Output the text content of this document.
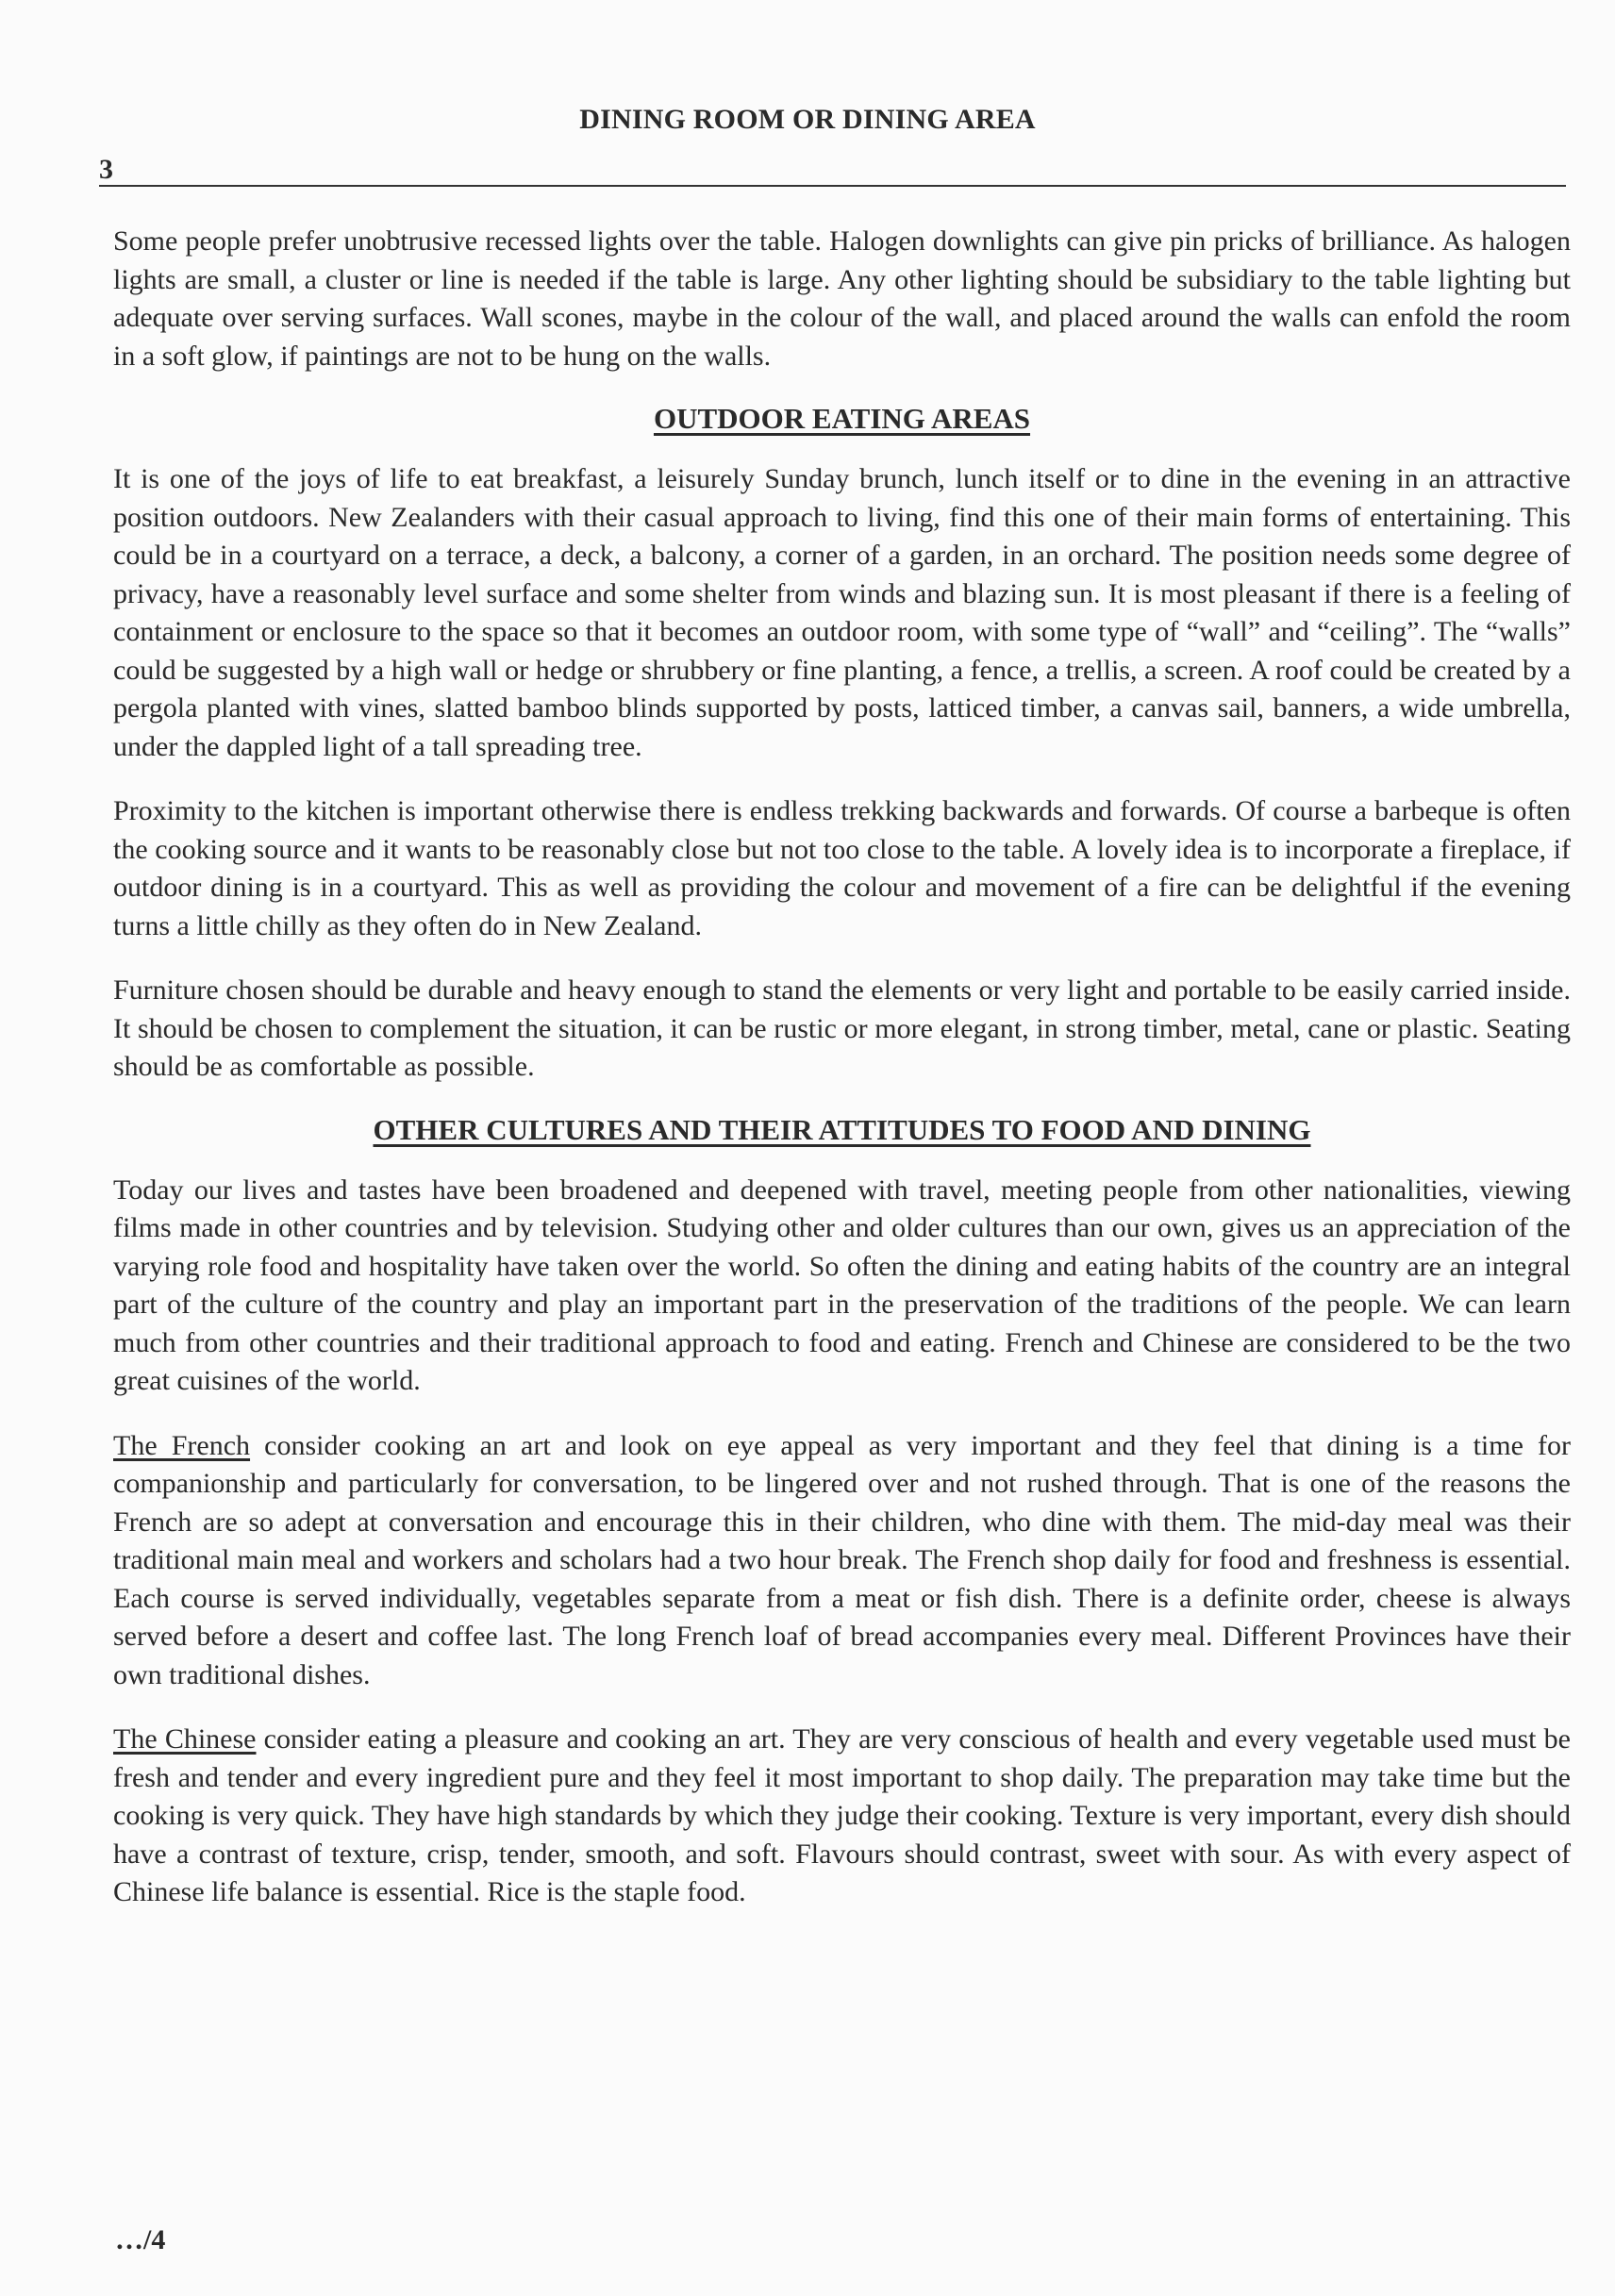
DINING ROOM OR DINING AREA
3

Some people prefer unobtrusive recessed lights over the table. Halogen downlights can give pin pricks of brilliance. As halogen lights are small, a cluster or line is needed if the table is large. Any other lighting should be subsidiary to the table lighting but adequate over serving surfaces. Wall scones, maybe in the colour of the wall, and placed around the walls can enfold the room in a soft glow, if paintings are not to be hung on the walls.

OUTDOOR EATING AREAS

It is one of the joys of life to eat breakfast, a leisurely Sunday brunch, lunch itself or to dine in the evening in an attractive position outdoors. New Zealanders with their casual approach to living, find this one of their main forms of entertaining. This could be in a courtyard on a terrace, a deck, a balcony, a corner of a garden, in an orchard. The position needs some degree of privacy, have a reasonably level surface and some shelter from winds and blazing sun. It is most pleasant if there is a feeling of containment or enclosure to the space so that it becomes an outdoor room, with some type of “wall” and “ceiling”. The “walls” could be suggested by a high wall or hedge or shrubbery or fine planting, a fence, a trellis, a screen. A roof could be created by a pergola planted with vines, slatted bamboo blinds supported by posts, latticed timber, a canvas sail, banners, a wide umbrella, under the dappled light of a tall spreading tree.

Proximity to the kitchen is important otherwise there is endless trekking backwards and forwards. Of course a barbeque is often the cooking source and it wants to be reasonably close but not too close to the table. A lovely idea is to incorporate a fireplace, if outdoor dining is in a courtyard. This as well as providing the colour and movement of a fire can be delightful if the evening turns a little chilly as they often do in New Zealand.

Furniture chosen should be durable and heavy enough to stand the elements or very light and portable to be easily carried inside. It should be chosen to complement the situation, it can be rustic or more elegant, in strong timber, metal, cane or plastic. Seating should be as comfortable as possible.

OTHER CULTURES AND THEIR ATTITUDES TO FOOD AND DINING

Today our lives and tastes have been broadened and deepened with travel, meeting people from other nationalities, viewing films made in other countries and by television. Studying other and older cultures than our own, gives us an appreciation of the varying role food and hospitality have taken over the world. So often the dining and eating habits of the country are an integral part of the culture of the country and play an important part in the preservation of the traditions of the people. We can learn much from other countries and their traditional approach to food and eating. French and Chinese are considered to be the two great cuisines of the world.

The French consider cooking an art and look on eye appeal as very important and they feel that dining is a time for companionship and particularly for conversation, to be lingered over and not rushed through. That is one of the reasons the French are so adept at conversation and encourage this in their children, who dine with them. The mid-day meal was their traditional main meal and workers and scholars had a two hour break. The French shop daily for food and freshness is essential. Each course is served individually, vegetables separate from a meat or fish dish. There is a definite order, cheese is always served before a desert and coffee last. The long French loaf of bread accompanies every meal. Different Provinces have their own traditional dishes.

The Chinese consider eating a pleasure and cooking an art. They are very conscious of health and every vegetable used must be fresh and tender and every ingredient pure and they feel it most important to shop daily. The preparation may take time but the cooking is very quick. They have high standards by which they judge their cooking. Texture is very important, every dish should have a contrast of texture, crisp, tender, smooth, and soft. Flavours should contrast, sweet with sour. As with every aspect of Chinese life balance is essential. Rice is the staple food.

…/4
